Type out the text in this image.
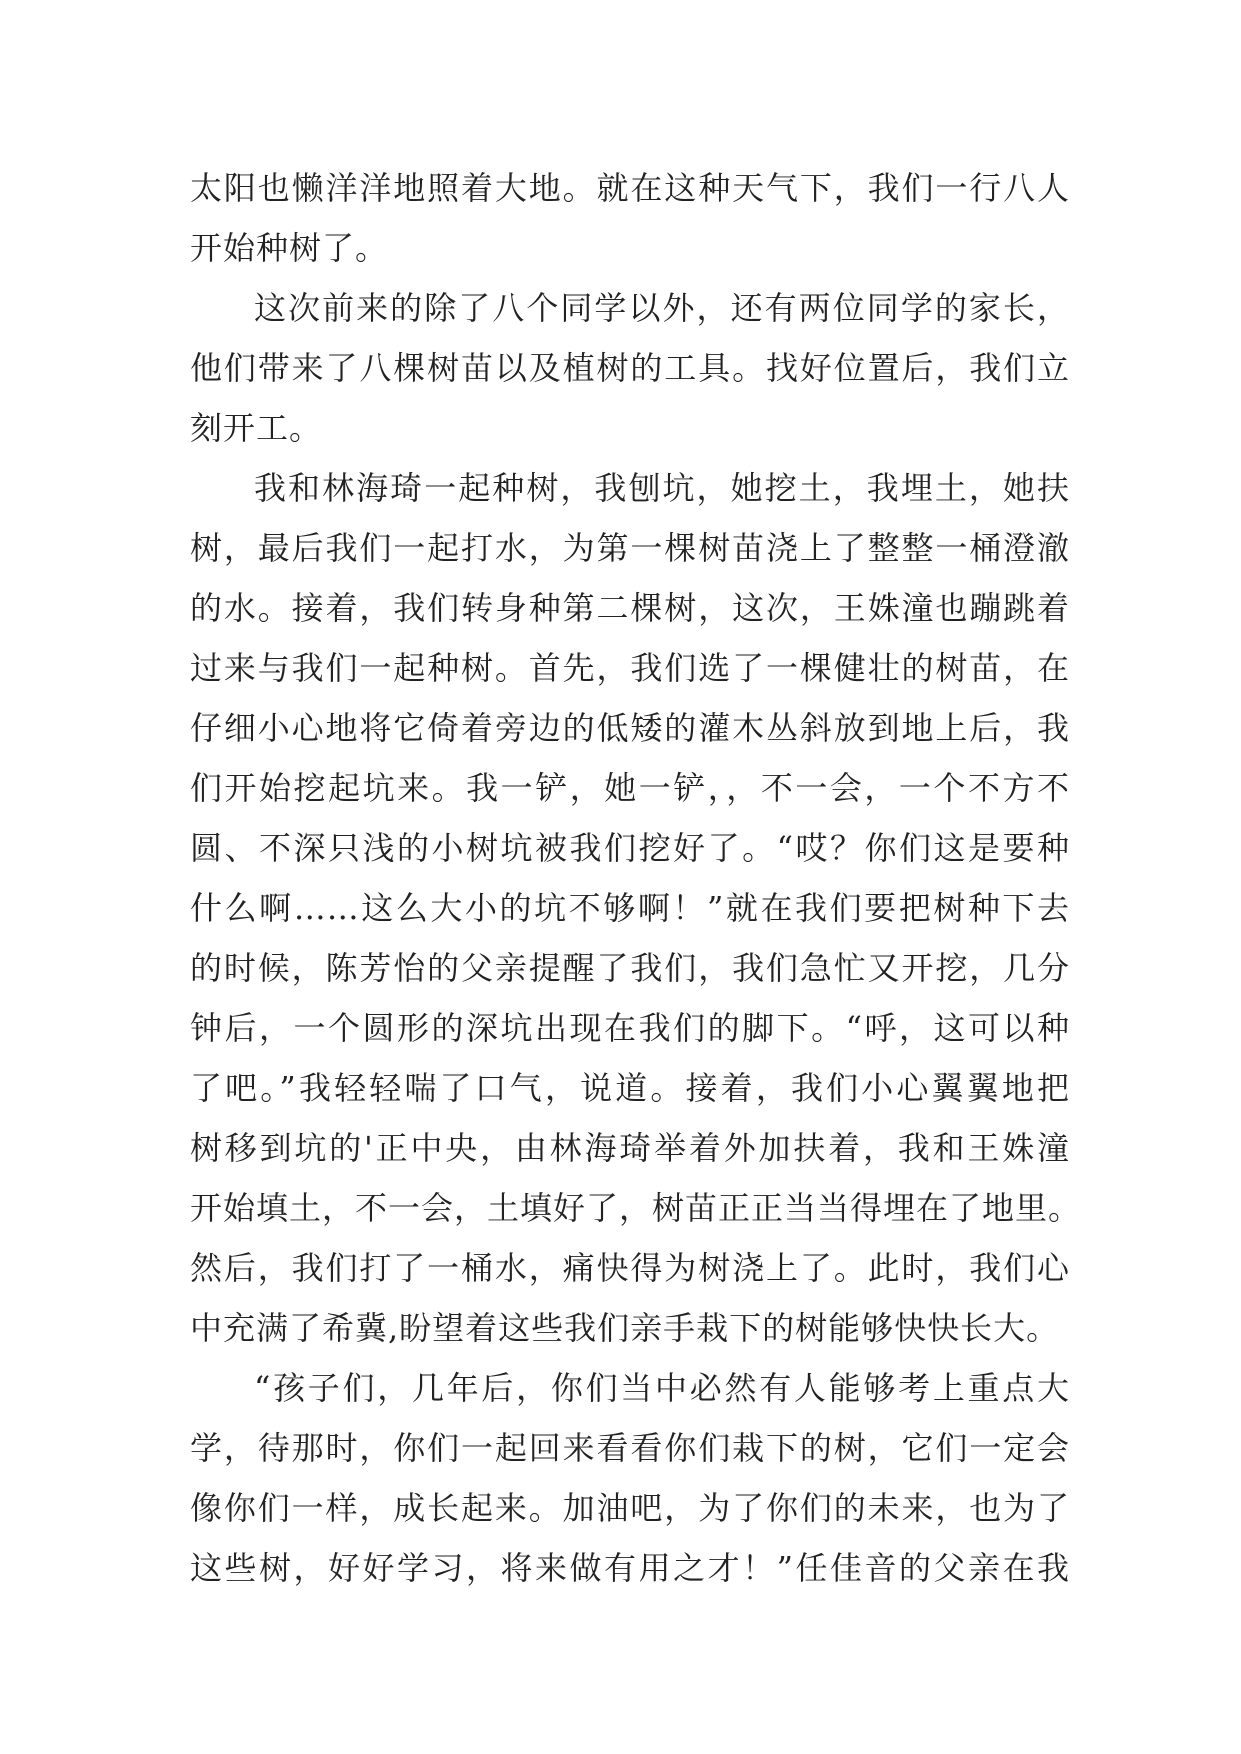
太阳也懒洋洋地照着大地。就在这种天气下，我们一行八人
开始种树了。
这次前来的除了八个同学以外，还有两位同学的家长，
他们带来了八棵树苗以及植树的工具。找好位置后，我们立
刻开工。
我和林海琦一起种树，我刨坑，她挖土，我埋土，她扶
树，最后我们一起打水，为第一棵树苗浇上了整整一桶澄澈
的水。接着，我们转身种第二棵树，这次，王姝潼也蹦跳着
过来与我们一起种树。首先，我们选了一棵健壮的树苗，在
仔细小心地将它倚着旁边的低矮的灌木丛斜放到地上后，我
们开始挖起坑来。我一铲，她一铲，，不一会，一个不方不
圆、不深只浅的小树坑被我们挖好了。“哎？你们这是要种
什么啊……这么大小的坑不够啊！”就在我们要把树种下去
的时候，陈芳怡的父亲提醒了我们，我们急忙又开挖，几分
钟后，一个圆形的深坑出现在我们的脚下。“呼，这可以种
了吧。”我轻轻喘了口气，说道。接着，我们小心翼翼地把
树移到坑的'正中央，由林海琦举着外加扶着，我和王姝潼
开始填土，不一会，土填好了，树苗正正当当得埋在了地里。
然后，我们打了一桶水，痛快得为树浇上了。此时，我们心
中充满了希冀,盼望着这些我们亲手栽下的树能够快快长大。
“孩子们，几年后，你们当中必然有人能够考上重点大
学，待那时，你们一起回来看看你们栽下的树，它们一定会
像你们一样，成长起来。加油吧，为了你们的未来，也为了
这些树，好好学习，将来做有用之才！”任佳音的父亲在我
